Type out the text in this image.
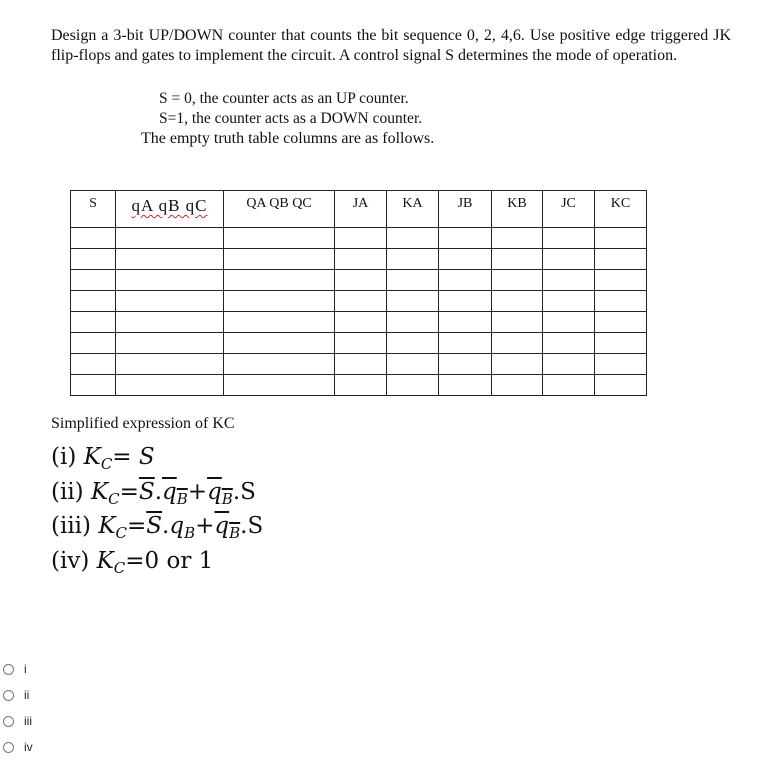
Design a 3-bit UP/DOWN counter that counts the bit sequence 0, 2, 4,6. Use positive edge triggered JK flip-flops and gates to implement the circuit. A control signal S determines the mode of operation.

S = 0, the counter acts as an UP counter.
S=1, the counter acts as a DOWN counter.
The empty truth table columns are as follows.
S	qA qB qC	QA QB QC	JA	KA	JB	KB	JC	KC

Simplified expression of KC
(i) $K_C= S$
(ii) $K_C=\overline{S}.q_B+q_B.S$
(iii) $K_C=\overline{S}.q_B+q_B.S$
(iv) $K_C=0$ or 1
i
ii
iii
iv
